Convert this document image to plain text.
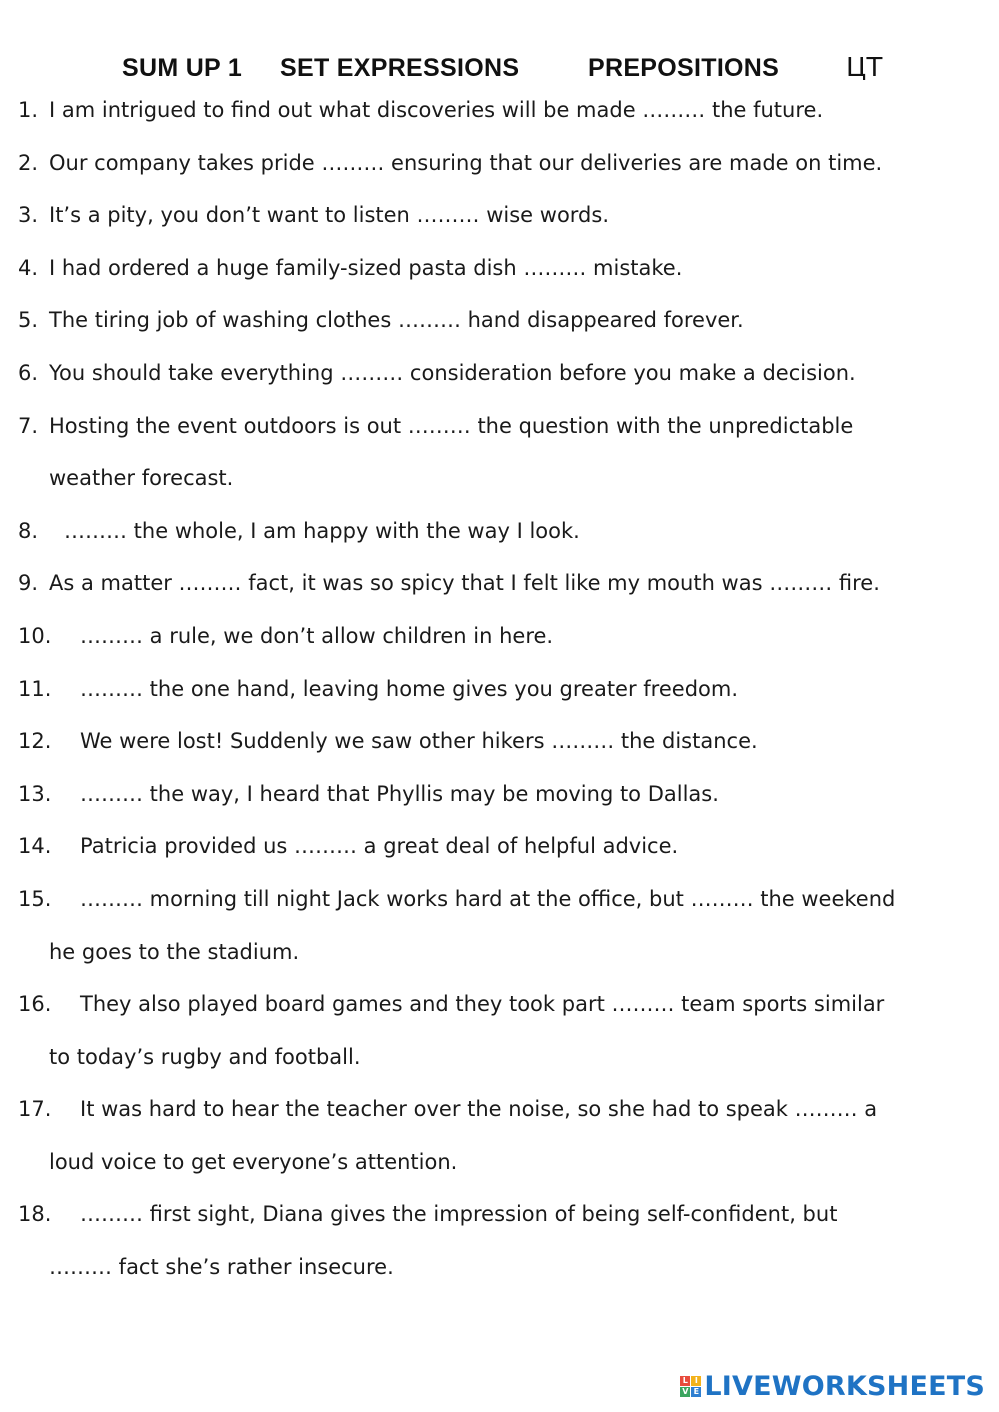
SUM UP 1 SET EXPRESSIONS	PREPOSITIONS	ЦТ
1. I am intrigued to find out what discoveries will be made ……… the future.
2. Our company takes pride ……… ensuring that our deliveries are made on time.
3. It’s a pity, you don’t want to listen ……… wise words.
4. I had ordered a huge family-sized pasta dish ……… mistake.
5. The tiring job of washing clothes ……… hand disappeared forever.
6. You should take everything ……… consideration before you make a decision.
7. Hosting the event outdoors is out ……… the question with the unpredictable
weather forecast.
8. ……… the whole, I am happy with the way I look.
9. As a matter ……… fact, it was so spicy that I felt like my mouth was ……… fire.
10. ……… a rule, we don’t allow children in here.
11. ……… the one hand, leaving home gives you greater freedom.
12. We were lost! Suddenly we saw other hikers ……… the distance.
13. ……… the way, I heard that Phyllis may be moving to Dallas.
14. Patricia provided us ……… a great deal of helpful advice.
15. ……… morning till night Jack works hard at the office, but ……… the weekend
he goes to the stadium.
16. They also played board games and they took part ……… team sports similar
to today’s rugby and football.
17. It was hard to hear the teacher over the noise, so she had to speak ……… a
loud voice to get everyone’s attention.
18. ……… first sight, Diana gives the impression of being self-confident, but
……… fact she’s rather insecure.
L I
V E LIVEWORKSHEETS
